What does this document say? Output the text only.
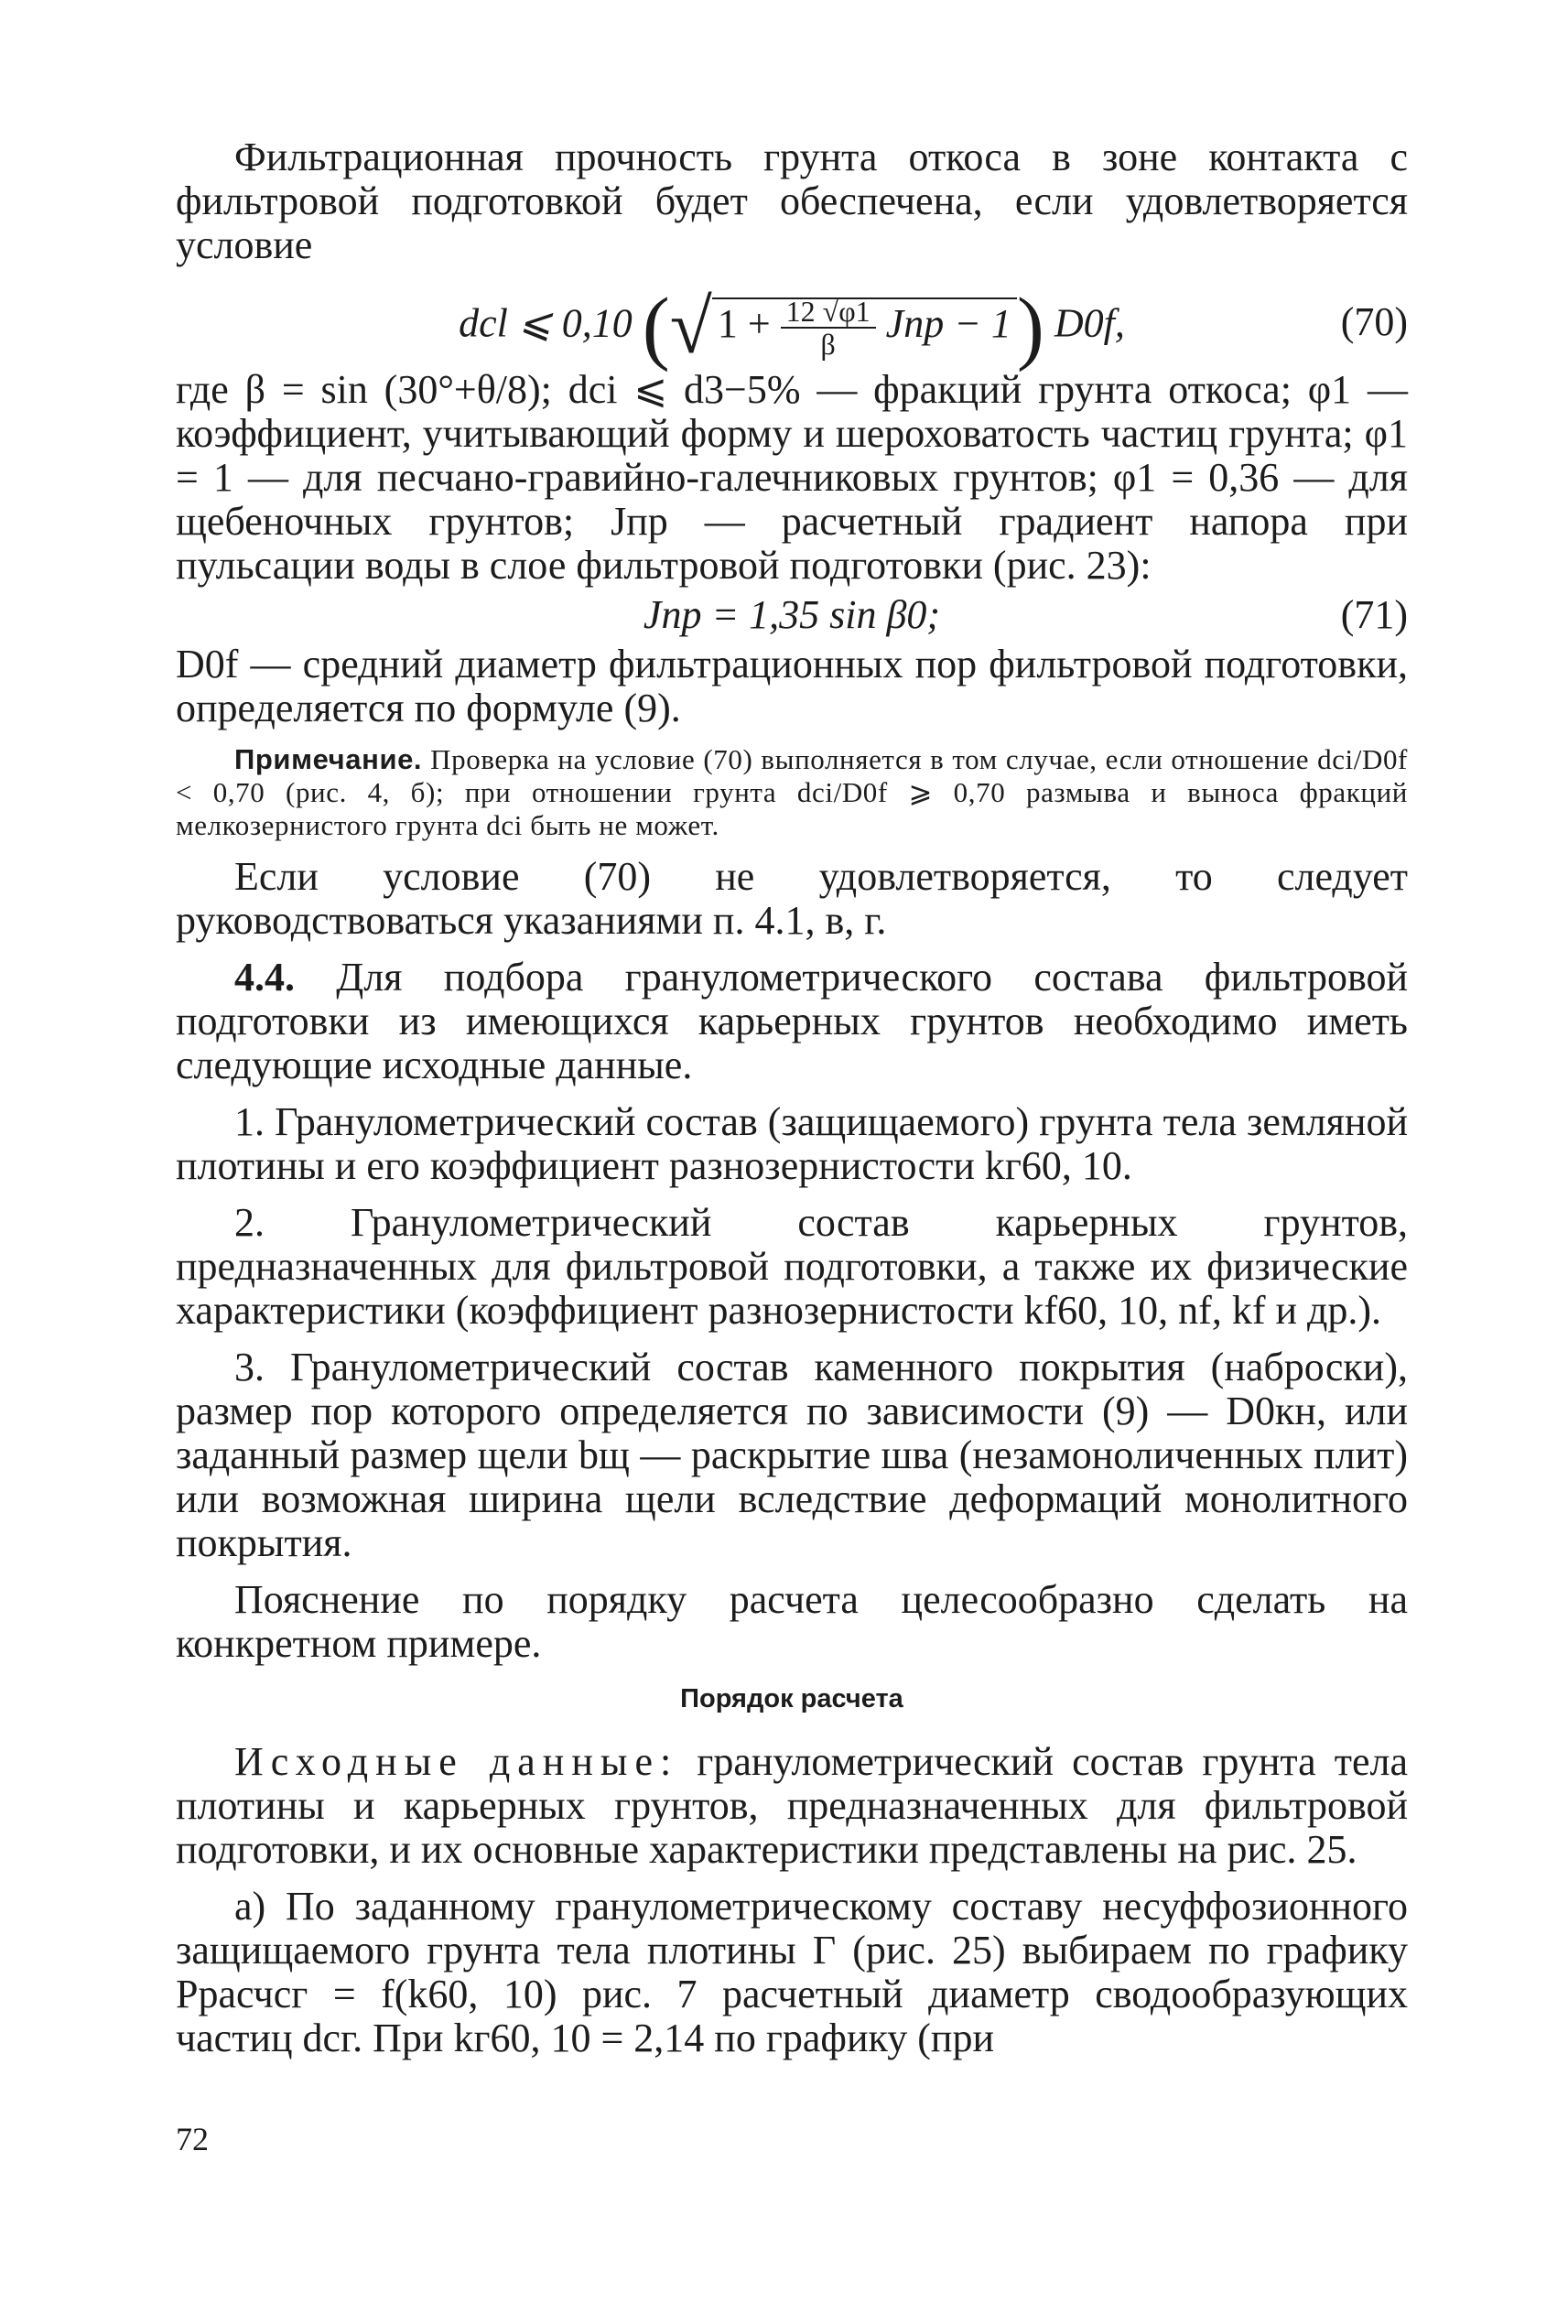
Фильтрационная прочность грунта откоса в зоне контакта с фильтровой подготовкой будет обеспечена, если удовлетворяется условие

dcl ⩽ 0,10 (√ $1 + \frac{12 √\varphi 1}{\beta}$ Jпр − 1) D0f,	(70)

где β = sin (30°+θ/8); dci ⩽ d3−5% — фракций грунта откоса; φ1 — коэффициент, учитывающий форму и шероховатость частиц грунта; φ1 = 1 — для песчано-гравийно-галечниковых грунтов; φ1 = 0,36 — для щебеночных грунтов; Jпр — расчетный градиент напора при пульсации воды в слое фильтровой подготовки (рис. 23):

Jпр = 1,35 sin β0;	(71)

D0f — средний диаметр фильтрационных пор фильтровой подготовки, определяется по формуле (9).

Примечание. Проверка на условие (70) выполняется в том случае, если отношение dci/D0f < 0,70 (рис. 4, б); при отношении грунта dci/D0f ⩾ 0,70 размыва и выноса фракций мелкозернистого грунта dci быть не может.

Если условие (70) не удовлетворяется, то следует руководствоваться указаниями п. 4.1, в, г.

4.4. Для подбора гранулометрического состава фильтровой подготовки из имеющихся карьерных грунтов необходимо иметь следующие исходные данные.

1. Гранулометрический состав (защищаемого) грунта тела земляной плотины и его коэффициент разнозернистости kг60, 10.

2. Гранулометрический состав карьерных грунтов, предназначенных для фильтровой подготовки, а также их физические характеристики (коэффициент разнозернистости kf60, 10, nf, kf и др.).

3. Гранулометрический состав каменного покрытия (наброски), размер пор которого определяется по зависимости (9) — D0кн, или заданный размер щели bщ — раскрытие шва (незамоноличенных плит) или возможная ширина щели вследствие деформаций монолитного покрытия.

Пояснение по порядку расчета целесообразно сделать на конкретном примере.

Порядок расчета

Исходные данные: гранулометрический состав грунта тела плотины и карьерных грунтов, предназначенных для фильтровой подготовки, и их основные характеристики представлены на рис. 25.

а) По заданному гранулометрическому составу несуффозионного защищаемого грунта тела плотины Г (рис. 25) выбираем по графику Pрасчсг = f(k60, 10) рис. 7 расчетный диаметр сводообразующих частиц dсг. При kг60, 10 = 2,14 по графику (при

72
